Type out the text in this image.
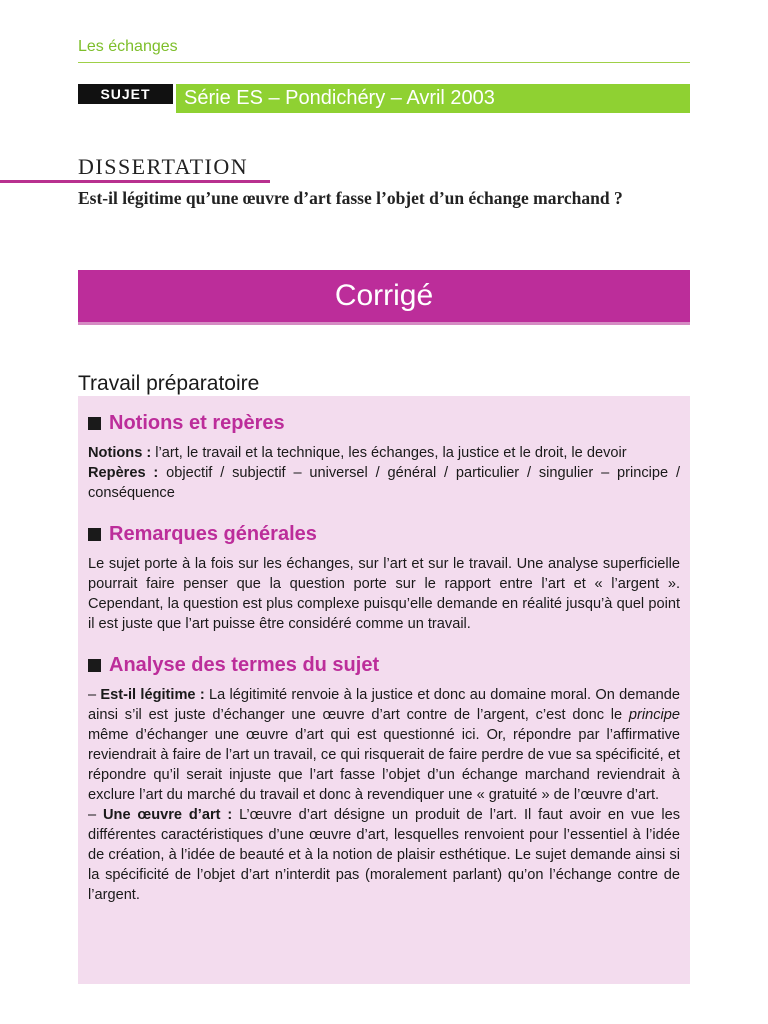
Les échanges
SUJET	Série ES – Pondichéry – Avril 2003
DISSERTATION
Est-il légitime qu’une œuvre d’art fasse l’objet d’un échange marchand ?
Corrigé
Travail préparatoire
Notions et repères

Notions : l’art, le travail et la technique, les échanges, la justice et le droit, le devoir

Repères : objectif / subjectif – universel / général / particulier / singulier – principe / conséquence

Remarques générales

Le sujet porte à la fois sur les échanges, sur l’art et sur le travail. Une analyse superficielle pourrait faire penser que la question porte sur le rapport entre l’art et « l’argent ». Cependant, la question est plus complexe puisqu’elle demande en réalité jusqu’à quel point il est juste que l’art puisse être considéré comme un travail.

Analyse des termes du sujet

– Est-il légitime : La légitimité renvoie à la justice et donc au domaine moral. On demande ainsi s’il est juste d’échanger une œuvre d’art contre de l’argent, c’est donc le principe même d’échanger une œuvre d’art qui est questionné ici. Or, répondre par l’affirmative reviendrait à faire de l’art un travail, ce qui risquerait de faire perdre de vue sa spécificité, et répondre qu’il serait injuste que l’art fasse l’objet d’un échange marchand reviendrait à exclure l’art du marché du travail et donc à revendiquer une « gratuité » de l’œuvre d’art.

– Une œuvre d’art : L’œuvre d’art désigne un produit de l’art. Il faut avoir en vue les différentes caractéristiques d’une œuvre d’art, lesquelles renvoient pour l’essentiel à l’idée de création, à l’idée de beauté et à la notion de plaisir esthétique. Le sujet demande ainsi si la spécificité de l’objet d’art n’interdit pas (moralement parlant) qu’on l’échange contre de l’argent.
